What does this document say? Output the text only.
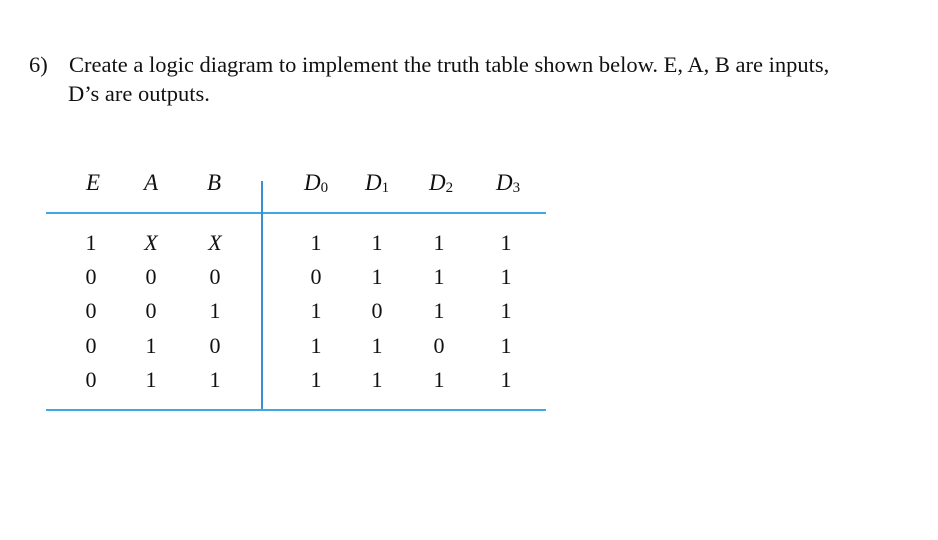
6) Create a logic diagram to implement the truth table shown below. E, A, B are inputs,
D’s are outputs.
E A B	$D_0$ $D_1$ $D_2$ $D_3$
1 X X	1 1 1	1
0 0 0	0 1 1	1
0 0 1	1 0 1	1
0 1 0	1 1 0	1
0 1 1	1 1 1	1
